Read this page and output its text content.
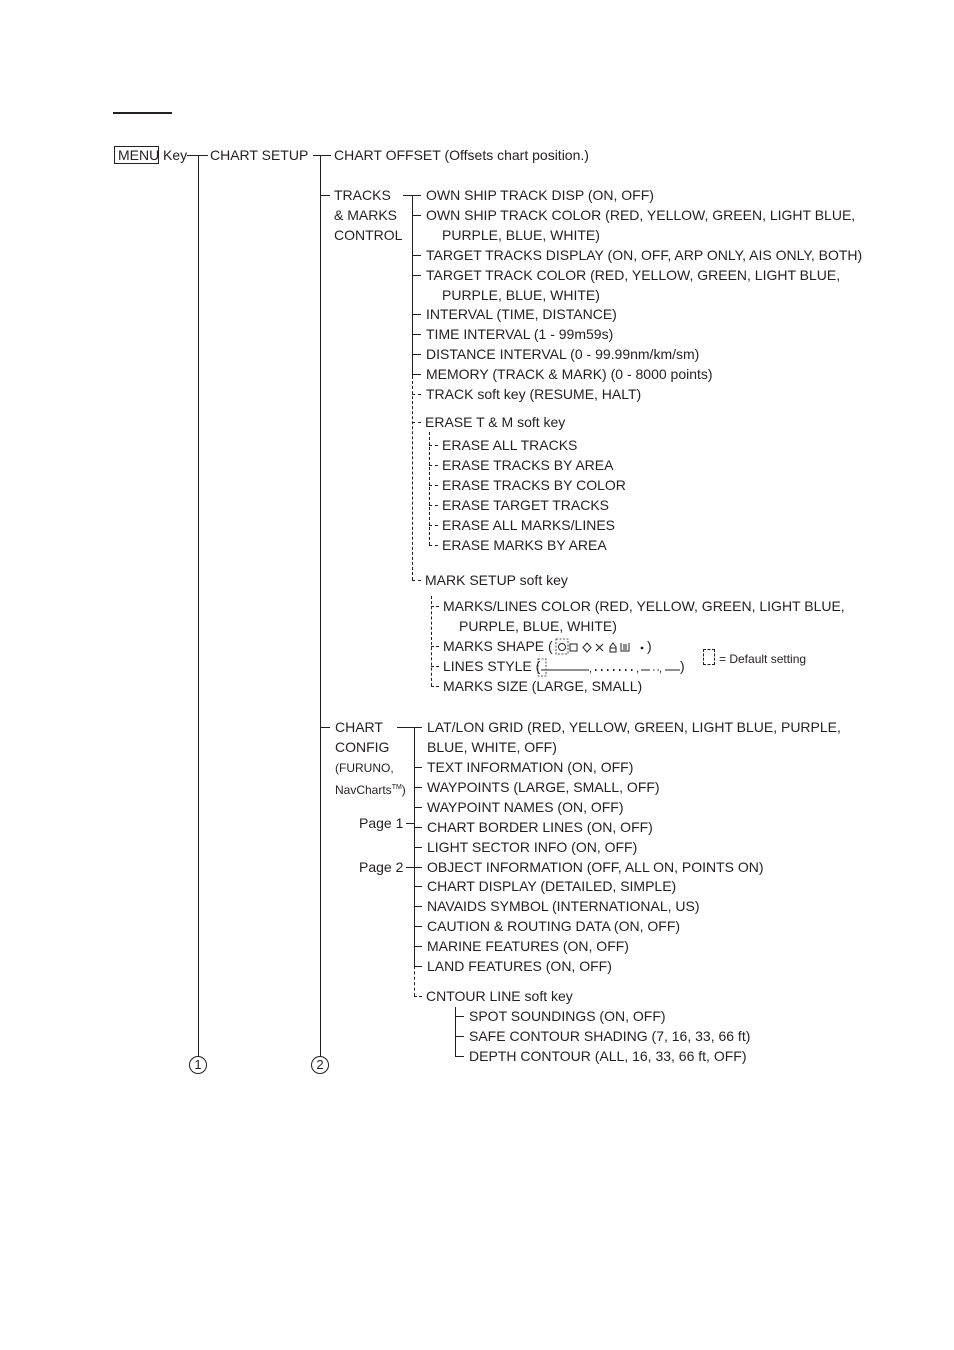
MENU Key CHART SETUP CHART OFFSET (Offsets chart position.)
1	2
TRACKS
& MARKS
CONTROL
OWN SHIP TRACK DISP (ON, OFF)
OWN SHIP TRACK COLOR (RED, YELLOW, GREEN, LIGHT BLUE,
PURPLE, BLUE, WHITE)
TARGET TRACKS DISPLAY (ON, OFF, ARP ONLY, AIS ONLY, BOTH)
TARGET TRACK COLOR (RED, YELLOW, GREEN, LIGHT BLUE,
PURPLE, BLUE, WHITE)
INTERVAL (TIME, DISTANCE)
TIME INTERVAL (1 - 99m59s)
DISTANCE INTERVAL (0 - 99.99nm/km/sm)
MEMORY (TRACK & MARK) (0 - 8000 points)
TRACK soft key (RESUME, HALT)
ERASE T & M soft key
ERASE ALL TRACKS
ERASE TRACKS BY AREA
ERASE TRACKS BY COLOR
ERASE TARGET TRACKS
ERASE ALL MARKS/LINES
ERASE MARKS BY AREA
MARK SETUP soft key
MARKS/LINES COLOR (RED, YELLOW, GREEN, LIGHT BLUE,
PURPLE, BLUE, WHITE)
MARKS SHAPE (	)
LINES STYLE (	,	, , )
MARKS SIZE (LARGE, SMALL)
= Default setting
CHART
CONFIG
(FURUNO,
NavCharts™)
Page 1
Page 2
LAT/LON GRID (RED, YELLOW, GREEN, LIGHT BLUE, PURPLE,
BLUE, WHITE, OFF)
TEXT INFORMATION (ON, OFF)
WAYPOINTS (LARGE, SMALL, OFF)
WAYPOINT NAMES (ON, OFF)
CHART BORDER LINES (ON, OFF)
LIGHT SECTOR INFO (ON, OFF)
OBJECT INFORMATION (OFF, ALL ON, POINTS ON)
CHART DISPLAY (DETAILED, SIMPLE)
NAVAIDS SYMBOL (INTERNATIONAL, US)
CAUTION & ROUTING DATA (ON, OFF)
MARINE FEATURES (ON, OFF)
LAND FEATURES (ON, OFF)
CNTOUR LINE soft key
SPOT SOUNDINGS (ON, OFF)
SAFE CONTOUR SHADING (7, 16, 33, 66 ft)
DEPTH CONTOUR (ALL, 16, 33, 66 ft, OFF)
